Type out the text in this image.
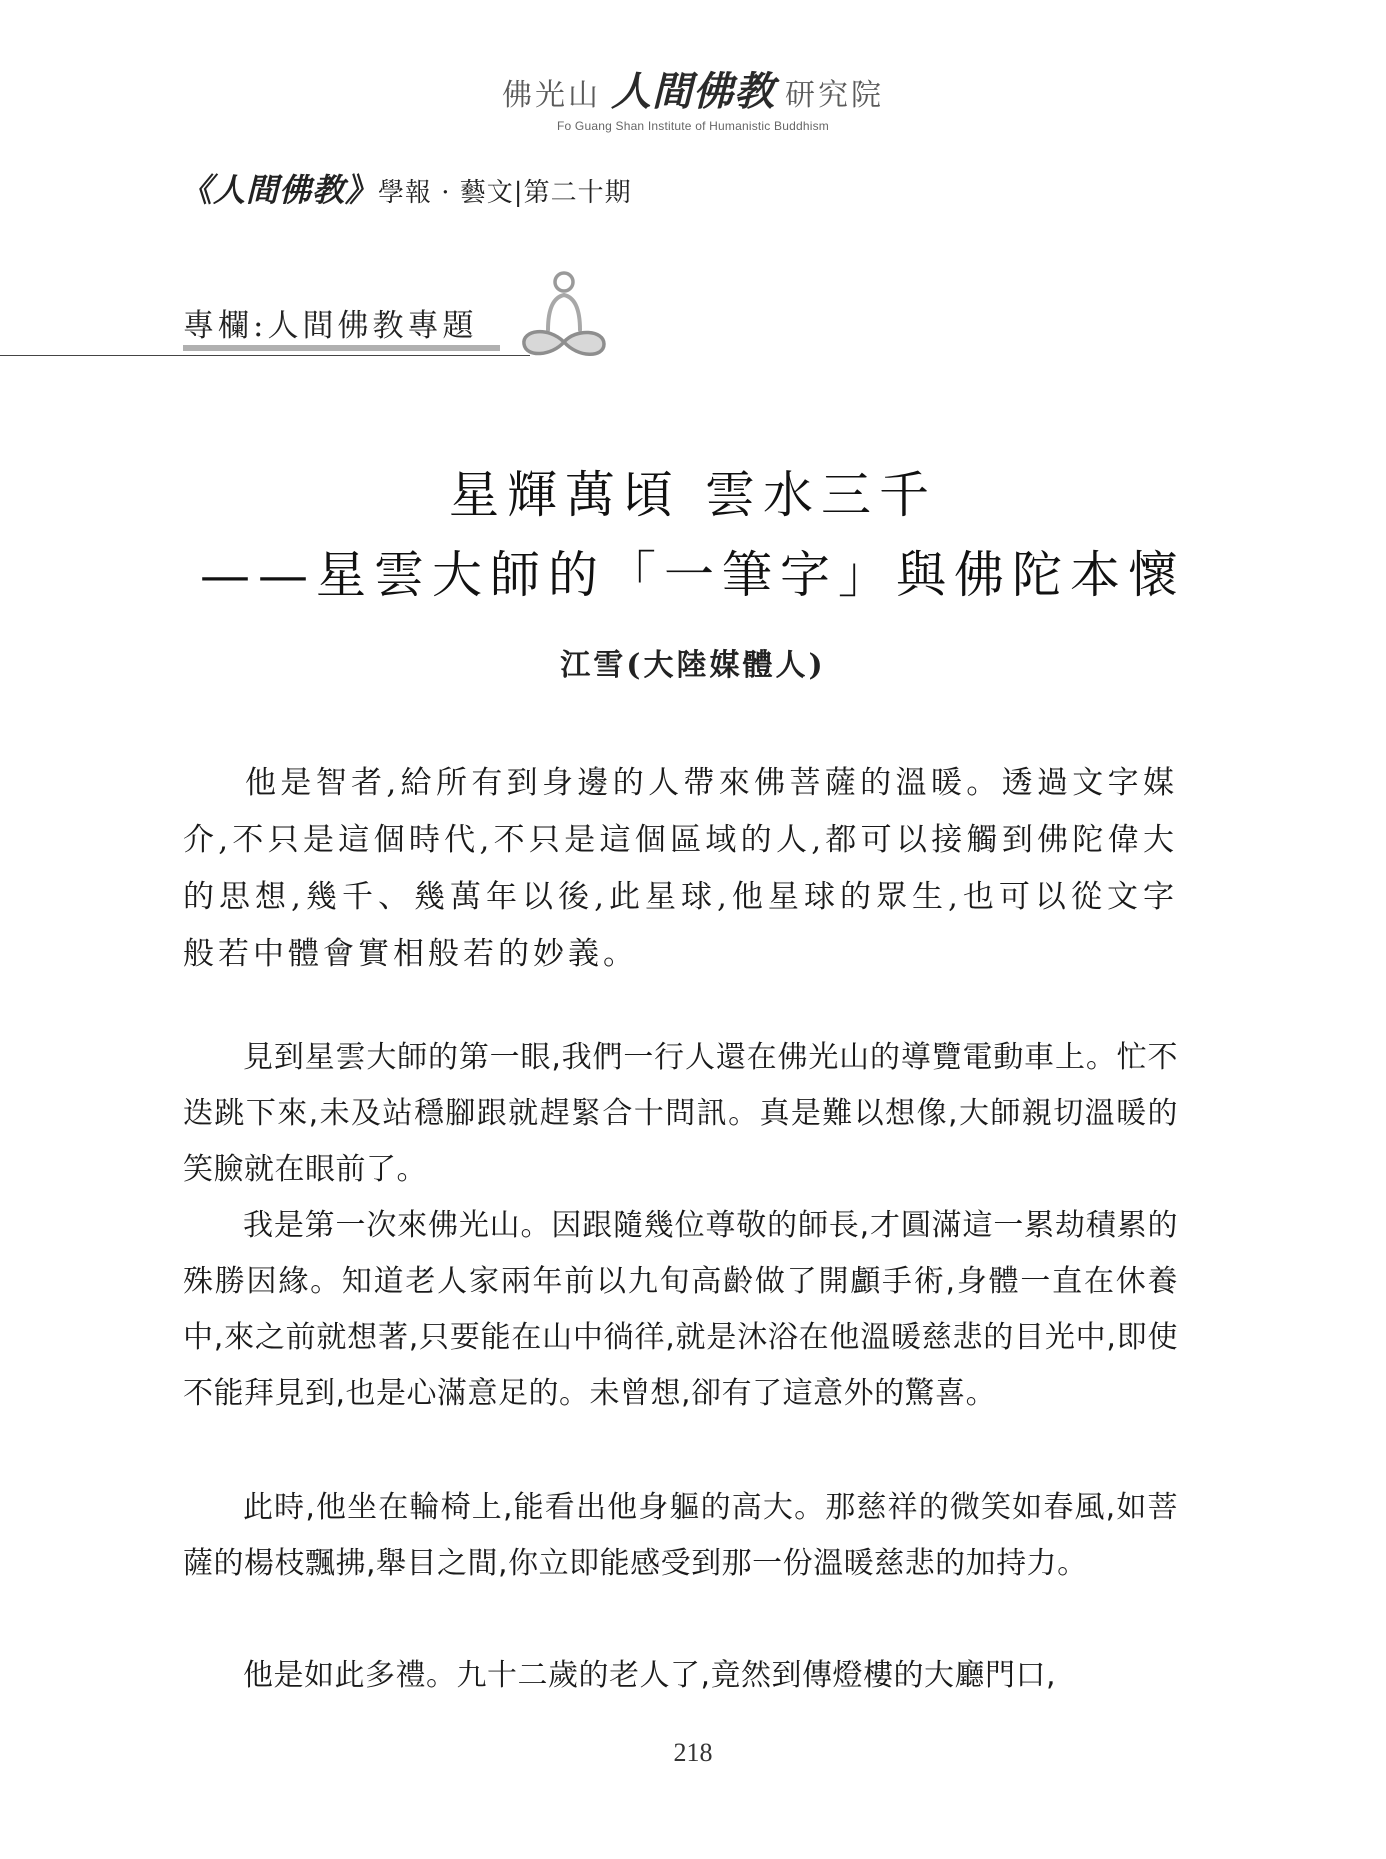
佛光山 人間佛教 研究院
Fo Guang Shan Institute of Humanistic Buddhism
《人間佛教》學報 · 藝文|第二十期
專欄:人間佛教專題
星輝萬頃 雲水三千
——星雲大師的「一筆字」與佛陀本懷
江雪(大陸媒體人)

他是智者,給所有到身邊的人帶來佛菩薩的溫暖。透過文字媒介,不只是這個時代,不只是這個區域的人,都可以接觸到佛陀偉大的思想,幾千、幾萬年以後,此星球,他星球的眾生,也可以從文字般若中體會實相般若的妙義。

見到星雲大師的第一眼,我們一行人還在佛光山的導覽電動車上。忙不迭跳下來,未及站穩腳跟就趕緊合十問訊。真是難以想像,大師親切溫暖的笑臉就在眼前了。

我是第一次來佛光山。因跟隨幾位尊敬的師長,才圓滿這一累劫積累的殊勝因緣。知道老人家兩年前以九旬高齡做了開顱手術,身體一直在休養中,來之前就想著,只要能在山中徜徉,就是沐浴在他溫暖慈悲的目光中,即使不能拜見到,也是心滿意足的。未曾想,卻有了這意外的驚喜。

此時,他坐在輪椅上,能看出他身軀的高大。那慈祥的微笑如春風,如菩薩的楊枝飄拂,舉目之間,你立即能感受到那一份溫暖慈悲的加持力。

他是如此多禮。九十二歲的老人了,竟然到傳燈樓的大廳門口,

218
